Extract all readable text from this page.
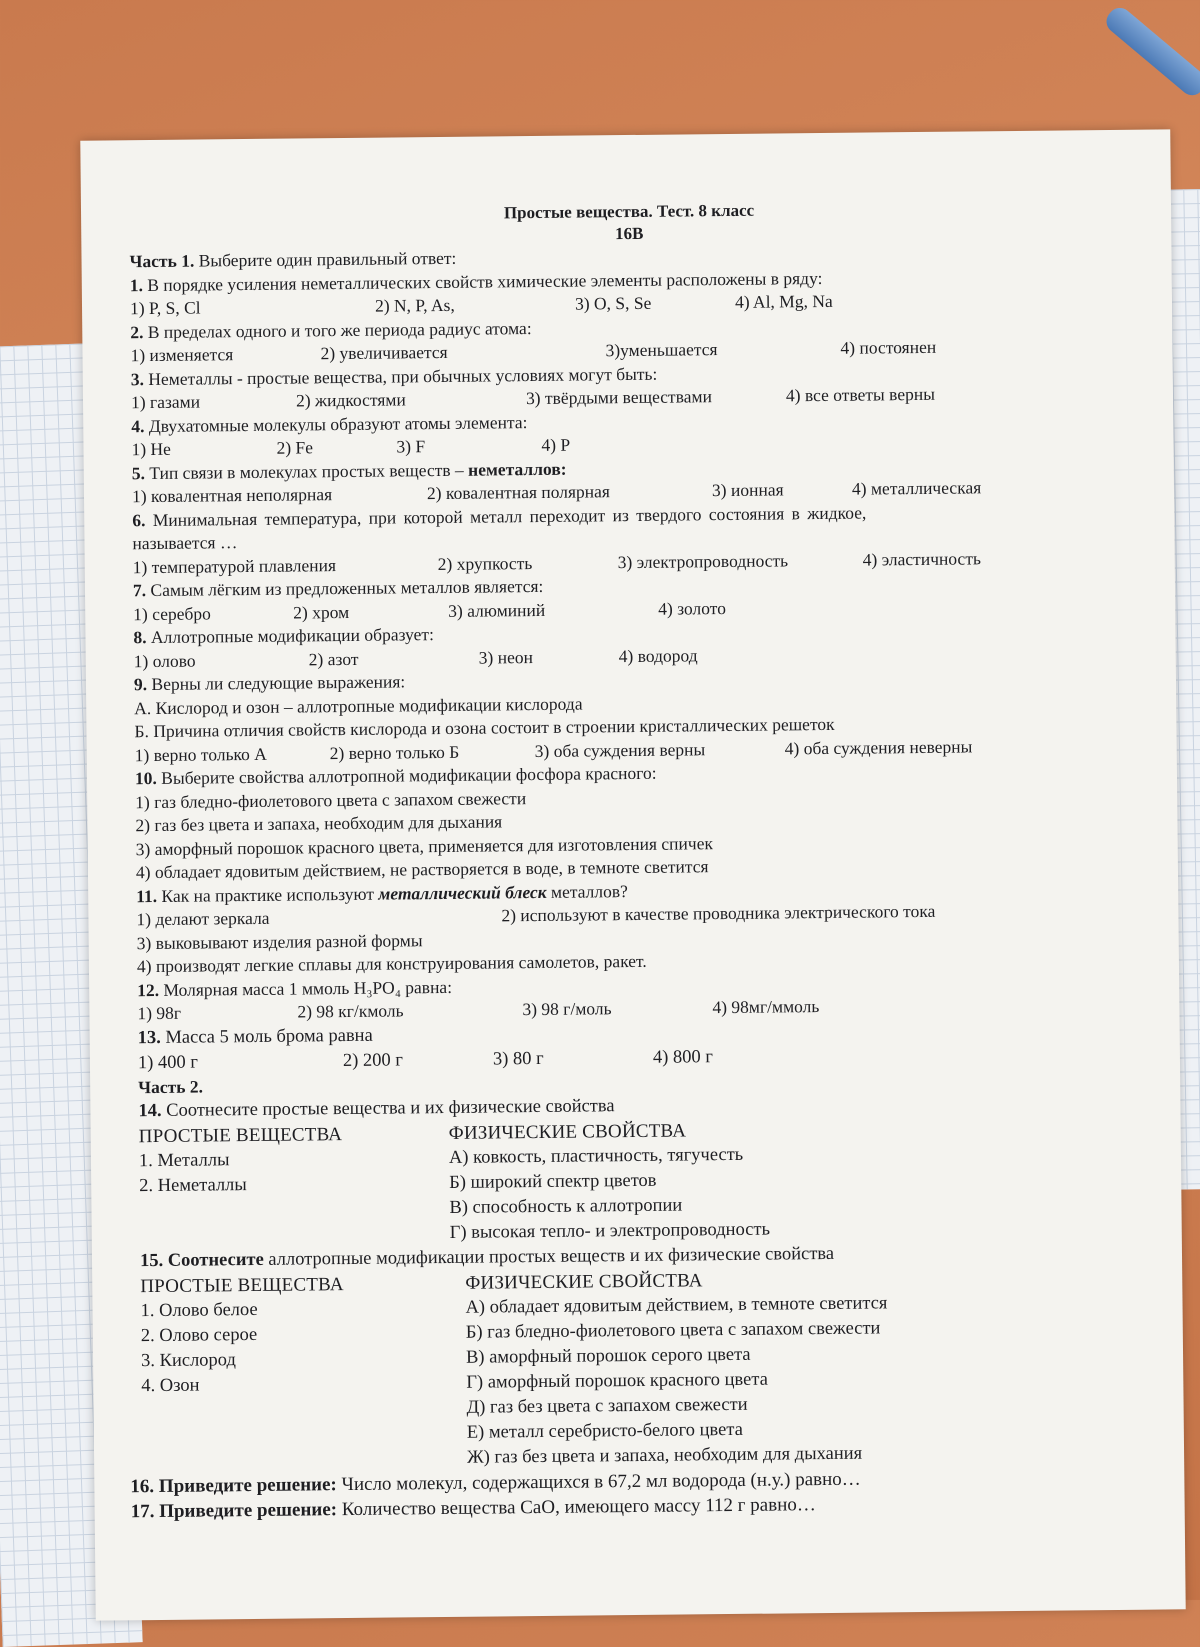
Простые вещества. Тест. 8 класс
16В
Часть 1. Выберите один правильный ответ:
1. В порядке усиления неметаллических свойств химические элементы расположены в ряду:
1) P, S, Cl	2) N, P, As,	3) O, S, Se	4) Al, Mg, Na
2. В пределах одного и того же периода радиус атома:
1) изменяется	2) увеличивается	3)уменьшается	4) постоянен
3. Неметаллы - простые вещества, при обычных условиях могут быть:
1) газами	2) жидкостями	3) твёрдыми веществами	4) все ответы верны
4. Двухатомные молекулы образуют атомы элемента:
1) He	2) Fe	3) F	4) P
5. Тип связи в молекулах простых веществ – неметаллов:
1) ковалентная неполярная	2) ковалентная полярная	3) ионная	4) металлическая
6. Минимальная температура, при которой металл переходит из твердого состояния в жидкое,
называется …
1) температурой плавления	2) хрупкость	3) электропроводность	4) эластичность
7. Самым лёгким из предложенных металлов является:
1) серебро	2) хром	3) алюминий	4) золото
8. Аллотропные модификации образует:
1) олово	2) азот	3) неон	4) водород
9. Верны ли следующие выражения:
А. Кислород и озон – аллотропные модификации кислорода
Б. Причина отличия свойств кислорода и озона состоит в строении кристаллических решеток
1) верно только А	2) верно только Б	3) оба суждения верны	4) оба суждения неверны
10. Выберите свойства аллотропной модификации фосфора красного:
1) газ бледно-фиолетового цвета с запахом свежести
2) газ без цвета и запаха, необходим для дыхания
3) аморфный порошок красного цвета, применяется для изготовления спичек
4) обладает ядовитым действием, не растворяется в воде, в темноте светится
11. Как на практике используют металлический блеск металлов?
1) делают зеркала	2) используют в качестве проводника электрического тока
3) выковывают изделия разной формы
4) производят легкие сплавы для конструирования самолетов, ракет.
12. Молярная масса 1 ммоль H₃PO₄ равна:
1) 98г	2) 98 кг/кмоль	3) 98 г/моль	4) 98мг/ммоль
13. Масса 5 моль брома равна
1) 400 г	2) 200 г	3) 80 г	4) 800 г
Часть 2.
14. Соотнесите простые вещества и их физические свойства
ПРОСТЫЕ ВЕЩЕСТВА
1. Металлы
2. Неметаллы
ФИЗИЧЕСКИЕ СВОЙСТВА
А) ковкость, пластичность, тягучесть
Б) широкий спектр цветов
В) способность к аллотропии
Г) высокая тепло- и электропроводность
15. Соотнесите аллотропные модификации простых веществ и их физические свойства
ПРОСТЫЕ ВЕЩЕСТВА
1. Олово белое
2. Олово серое
3. Кислород
4. Озон
ФИЗИЧЕСКИЕ СВОЙСТВА
А) обладает ядовитым действием, в темноте светится
Б) газ бледно-фиолетового цвета с запахом свежести
В) аморфный порошок серого цвета
Г) аморфный порошок красного цвета
Д) газ без цвета с запахом свежести
Е) металл серебристо-белого цвета
Ж) газ без цвета и запаха, необходим для дыхания
16. Приведите решение: Число молекул, содержащихся в 67,2 мл водорода (н.у.) равно…
17. Приведите решение: Количество вещества CaO, имеющего массу 112 г равно…
